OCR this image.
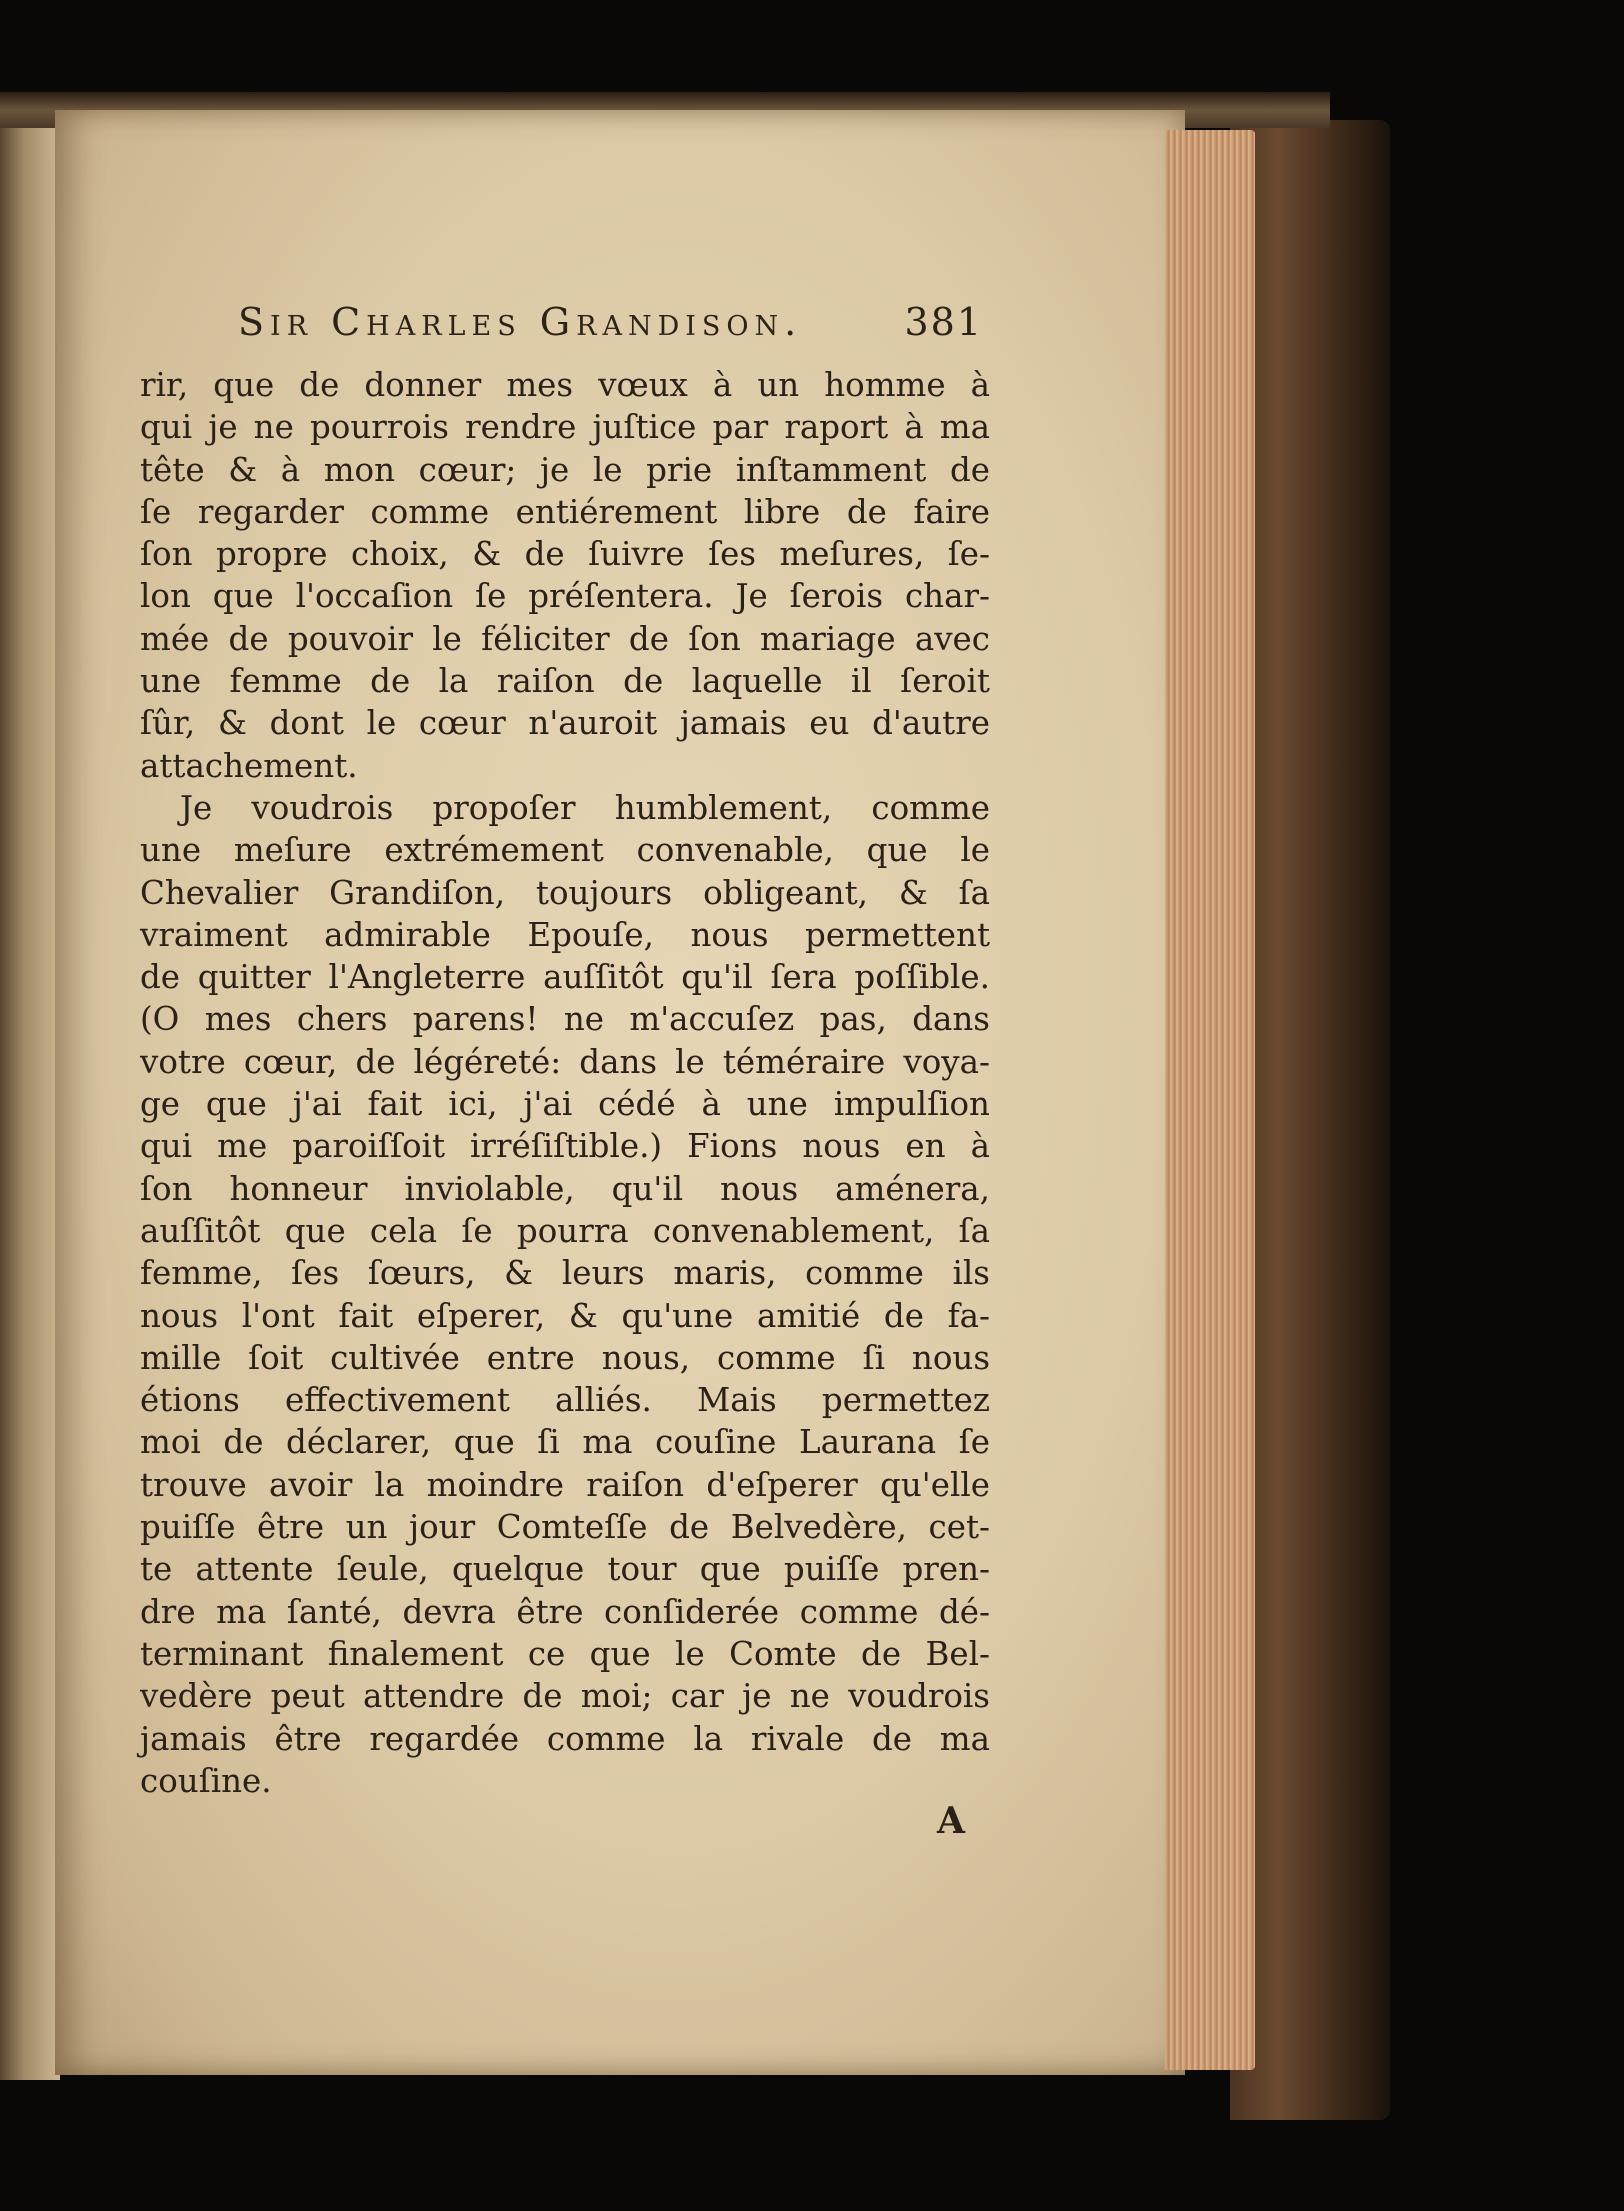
Sir Charles Grandison.	381
rir, que de donner mes vœux à un homme à
qui je ne pourrois rendre juſtice par raport à ma
tête & à mon cœur; je le prie inſtamment de
ſe regarder comme entiérement libre de faire
ſon propre choix, & de ſuivre ſes meſures, ſe-
lon que l'occaſion ſe préſentera. Je ſerois char-
mée de pouvoir le féliciter de ſon mariage avec
une femme de la raiſon de laquelle il ſeroit
ſûr, & dont le cœur n'auroit jamais eu d'autre
attachement.
Je voudrois propoſer humblement, comme
une meſure extrémement convenable, que le
Chevalier Grandiſon, toujours obligeant, & ſa
vraiment admirable Epouſe, nous permettent
de quitter l'Angleterre auſſitôt qu'il ſera poſſible.
(O mes chers parens! ne m'accuſez pas, dans
votre cœur, de légéreté: dans le téméraire voya-
ge que j'ai fait ici, j'ai cédé à une impulſion
qui me paroiſſoit irréſiſtible.) Fions nous en à
ſon honneur inviolable, qu'il nous aménera,
auſſitôt que cela ſe pourra convenablement, ſa
femme, ſes ſœurs, & leurs maris, comme ils
nous l'ont fait eſperer, & qu'une amitié de fa-
mille ſoit cultivée entre nous, comme ſi nous
étions effectivement alliés. Mais permettez
moi de déclarer, que ſi ma couſine Laurana ſe
trouve avoir la moindre raiſon d'eſperer qu'elle
puiſſe être un jour Comteſſe de Belvedère, cet-
te attente ſeule, quelque tour que puiſſe pren-
dre ma ſanté, devra être conſiderée comme dé-
terminant finalement ce que le Comte de Bel-
vedère peut attendre de moi; car je ne voudrois
jamais être regardée comme la rivale de ma
couſine.
A
